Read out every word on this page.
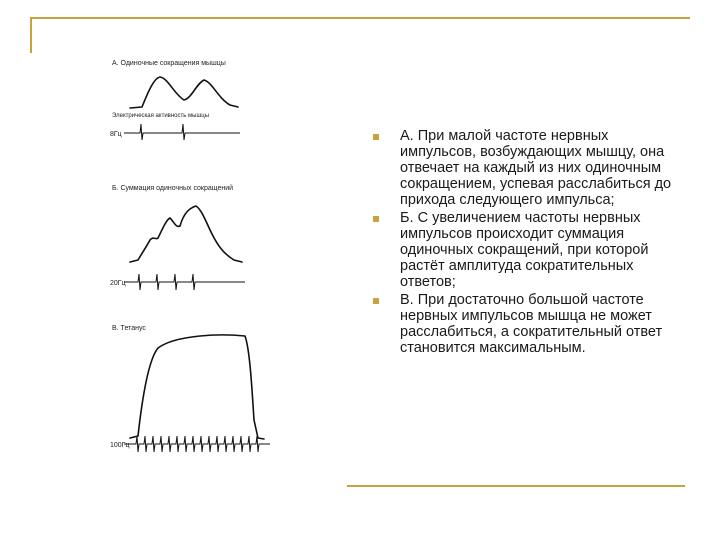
А. Одиночные сокращения мышцы
Электрическая активность мышцы
8Гц
Б. Суммация одиночных сокращений
20Гц
В. Тетанус
100Гц
А. При малой частоте нервных импульсов, возбуждающих мышцу, она отвечает на каждый из них одиночным сокращением, успевая расслабиться до прихода следующего импульса;
Б. С увеличением частоты нервных импульсов происходит суммация одиночных сокращений, при которой растёт амплитуда сократительных ответов;
В. При достаточно большой частоте нервных импульсов мышца не может расслабиться, а сократительный ответ становится максимальным.
